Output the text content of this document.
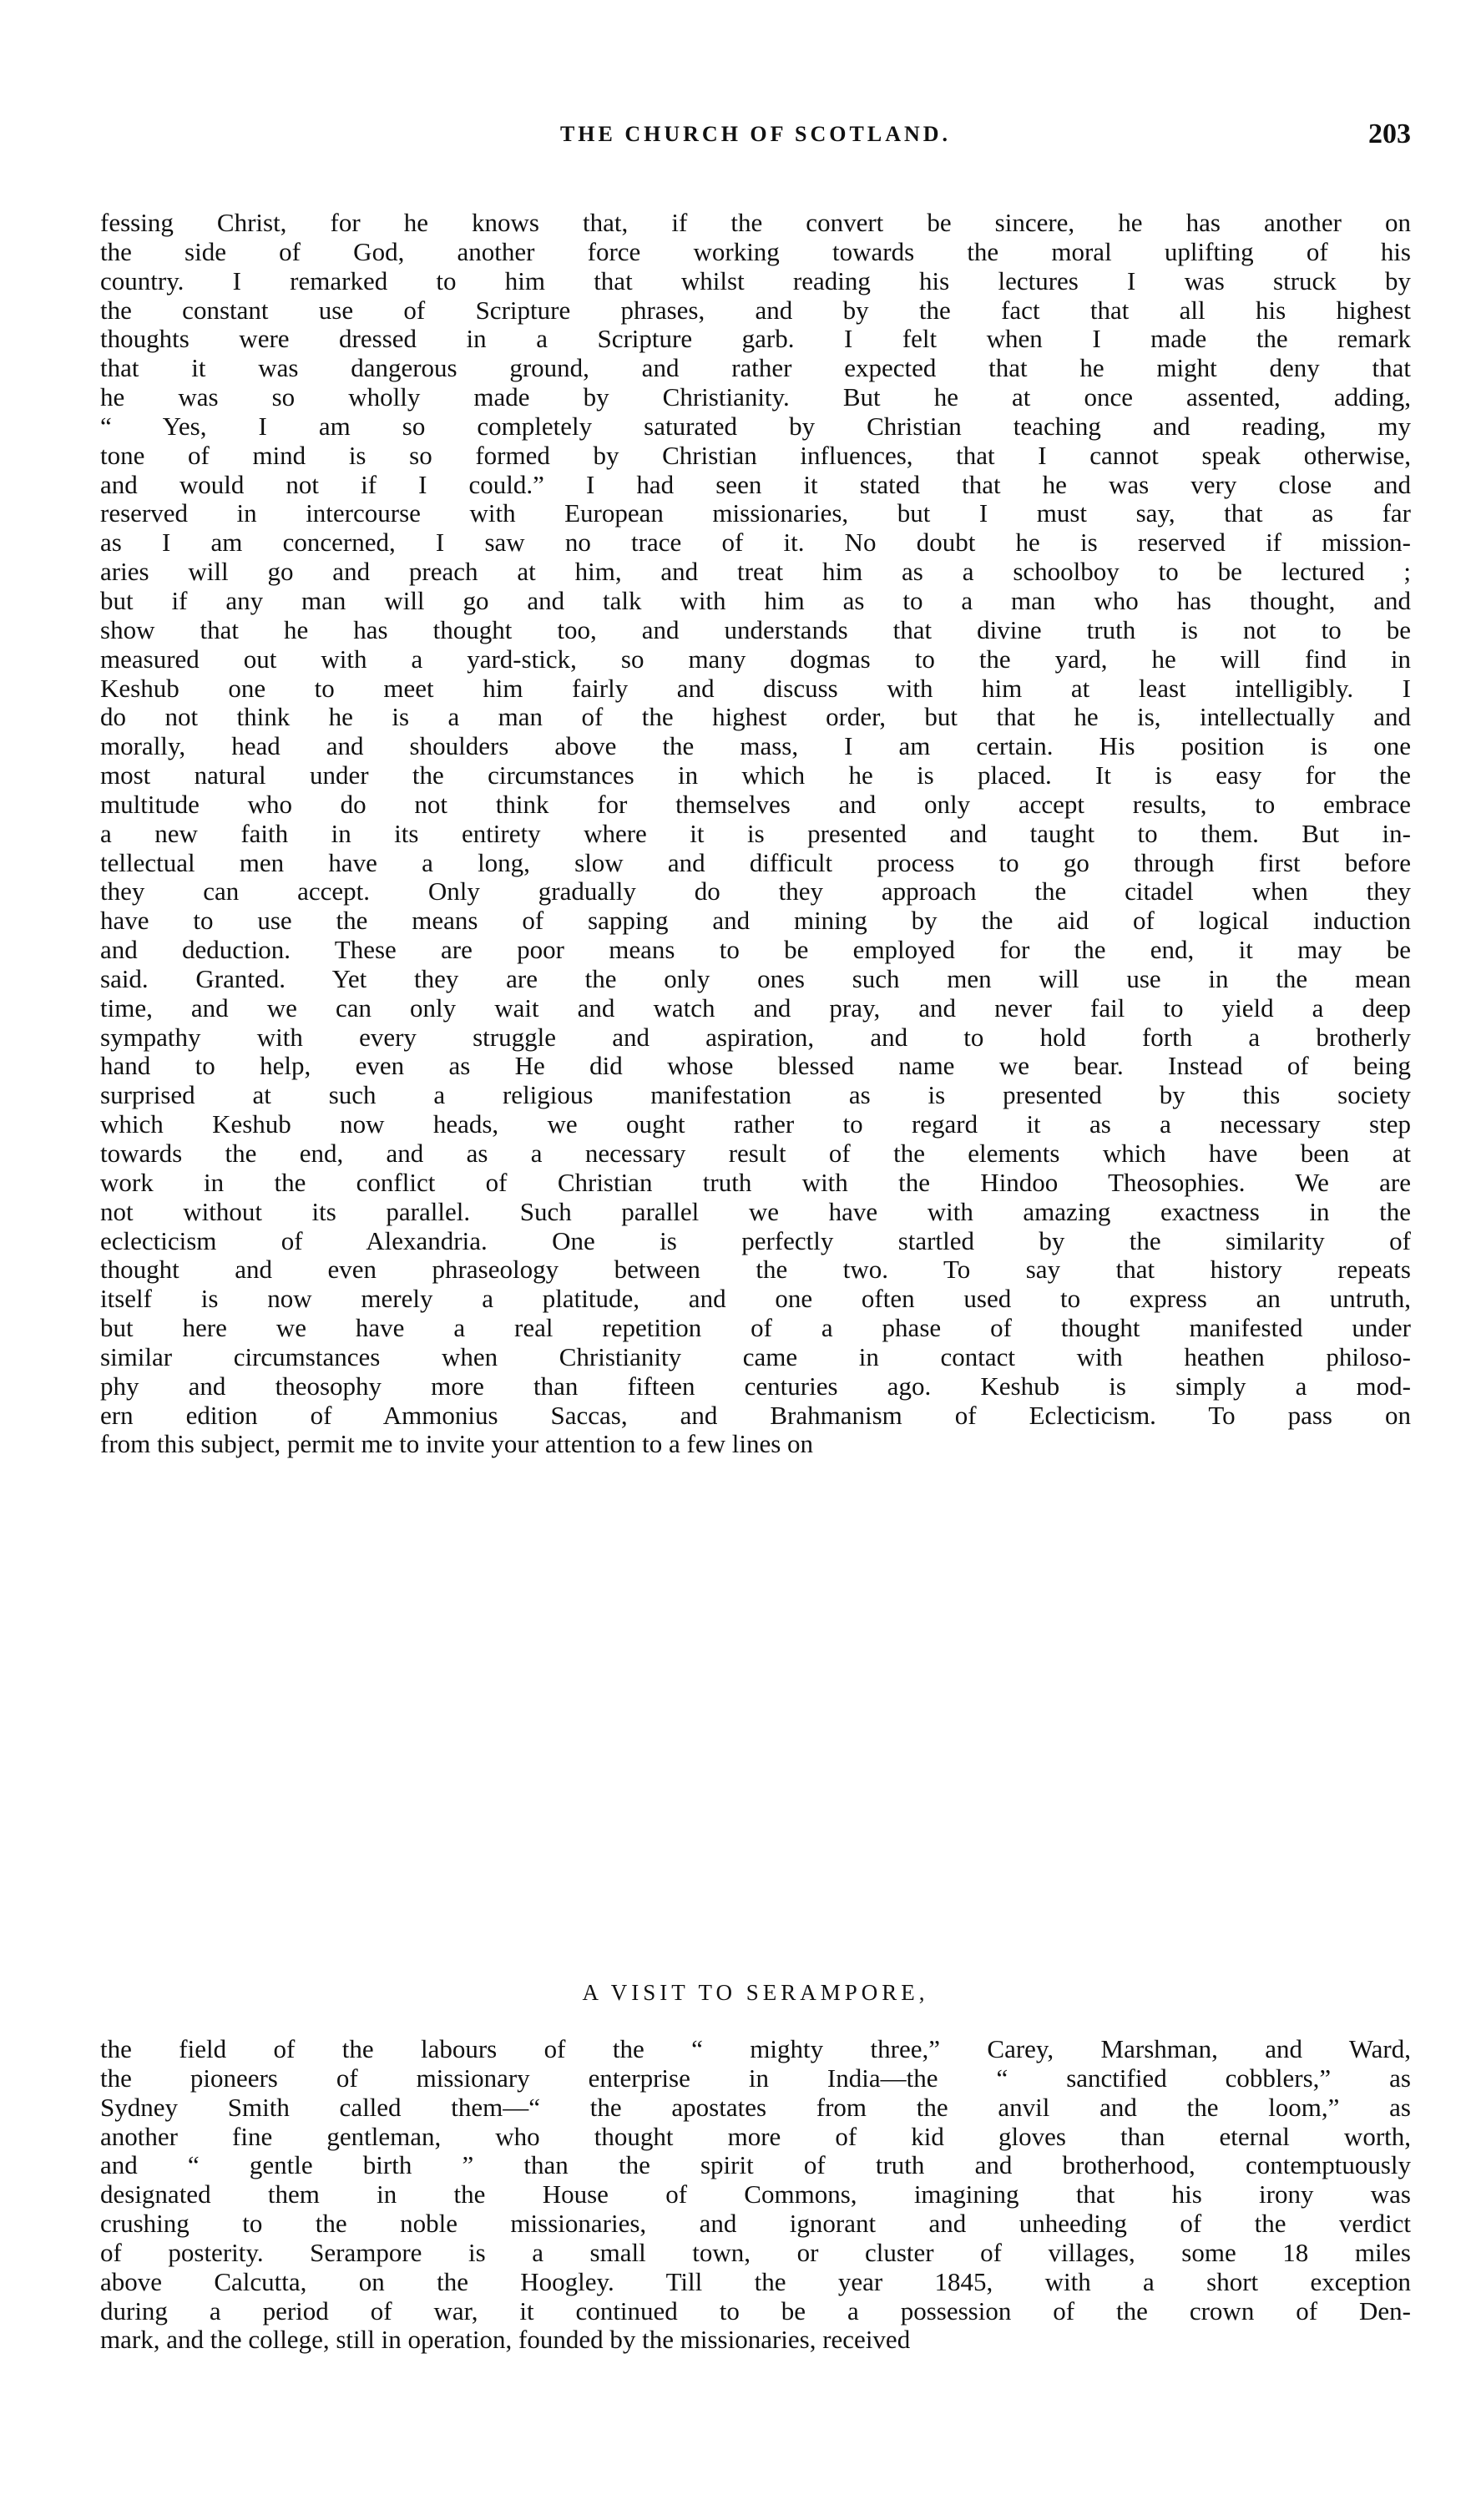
THE CHURCH OF SCOTLAND.	203
fessing Christ, for he knows that, if the convert be sincere, he has another on
the side of God, another force working towards the moral uplifting of his
country. I remarked to him that whilst reading his lectures I was struck by
the constant use of Scripture phrases, and by the fact that all his highest
thoughts were dressed in a Scripture garb. I felt when I made the remark
that it was dangerous ground, and rather expected that he might deny that
he was so wholly made by Christianity. But he at once assented, adding,
“ Yes, I am so completely saturated by Christian teaching and reading, my
tone of mind is so formed by Christian influences, that I cannot speak otherwise,
and would not if I could.” I had seen it stated that he was very close and
reserved in intercourse with European missionaries, but I must say, that as far
as I am concerned, I saw no trace of it. No doubt he is reserved if mission-
aries will go and preach at him, and treat him as a schoolboy to be lectured ;
but if any man will go and talk with him as to a man who has thought, and
show that he has thought too, and understands that divine truth is not to be
measured out with a yard-stick, so many dogmas to the yard, he will find in
Keshub one to meet him fairly and discuss with him at least intelligibly. I
do not think he is a man of the highest order, but that he is, intellectually and
morally, head and shoulders above the mass, I am certain. His position is one
most natural under the circumstances in which he is placed. It is easy for the
multitude who do not think for themselves and only accept results, to embrace
a new faith in its entirety where it is presented and taught to them. But in-
tellectual men have a long, slow and difficult process to go through first before
they can accept. Only gradually do they approach the citadel when they
have to use the means of sapping and mining by the aid of logical induction
and deduction. These are poor means to be employed for the end, it may be
said. Granted. Yet they are the only ones such men will use in the mean
time, and we can only wait and watch and pray, and never fail to yield a deep
sympathy with every struggle and aspiration, and to hold forth a brotherly
hand to help, even as He did whose blessed name we bear. Instead of being
surprised at such a religious manifestation as is presented by this society
which Keshub now heads, we ought rather to regard it as a necessary step
towards the end, and as a necessary result of the elements which have been at
work in the conflict of Christian truth with the Hindoo Theosophies. We are
not without its parallel. Such parallel we have with amazing exactness in the
eclecticism of Alexandria. One is perfectly startled by the similarity of
thought and even phraseology between the two. To say that history repeats
itself is now merely a platitude, and one often used to express an untruth,
but here we have a real repetition of a phase of thought manifested under
similar circumstances when Christianity came in contact with heathen philoso-
phy and theosophy more than fifteen centuries ago. Keshub is simply a mod-
ern edition of Ammonius Saccas, and Brahmanism of Eclecticism. To pass on
from this subject, permit me to invite your attention to a few lines on
A VISIT TO SERAMPORE,
the field of the labours of the “ mighty three,” Carey, Marshman, and Ward,
the pioneers of missionary enterprise in India—the “ sanctified cobblers,” as
Sydney Smith called them—“ the apostates from the anvil and the loom,” as
another fine gentleman, who thought more of kid gloves than eternal worth,
and “ gentle birth ” than the spirit of truth and brotherhood, contemptuously
designated them in the House of Commons, imagining that his irony was
crushing to the noble missionaries, and ignorant and unheeding of the verdict
of posterity. Serampore is a small town, or cluster of villages, some 18 miles
above Calcutta, on the Hoogley. Till the year 1845, with a short exception
during a period of war, it continued to be a possession of the crown of Den-
mark, and the college, still in operation, founded by the missionaries, received
